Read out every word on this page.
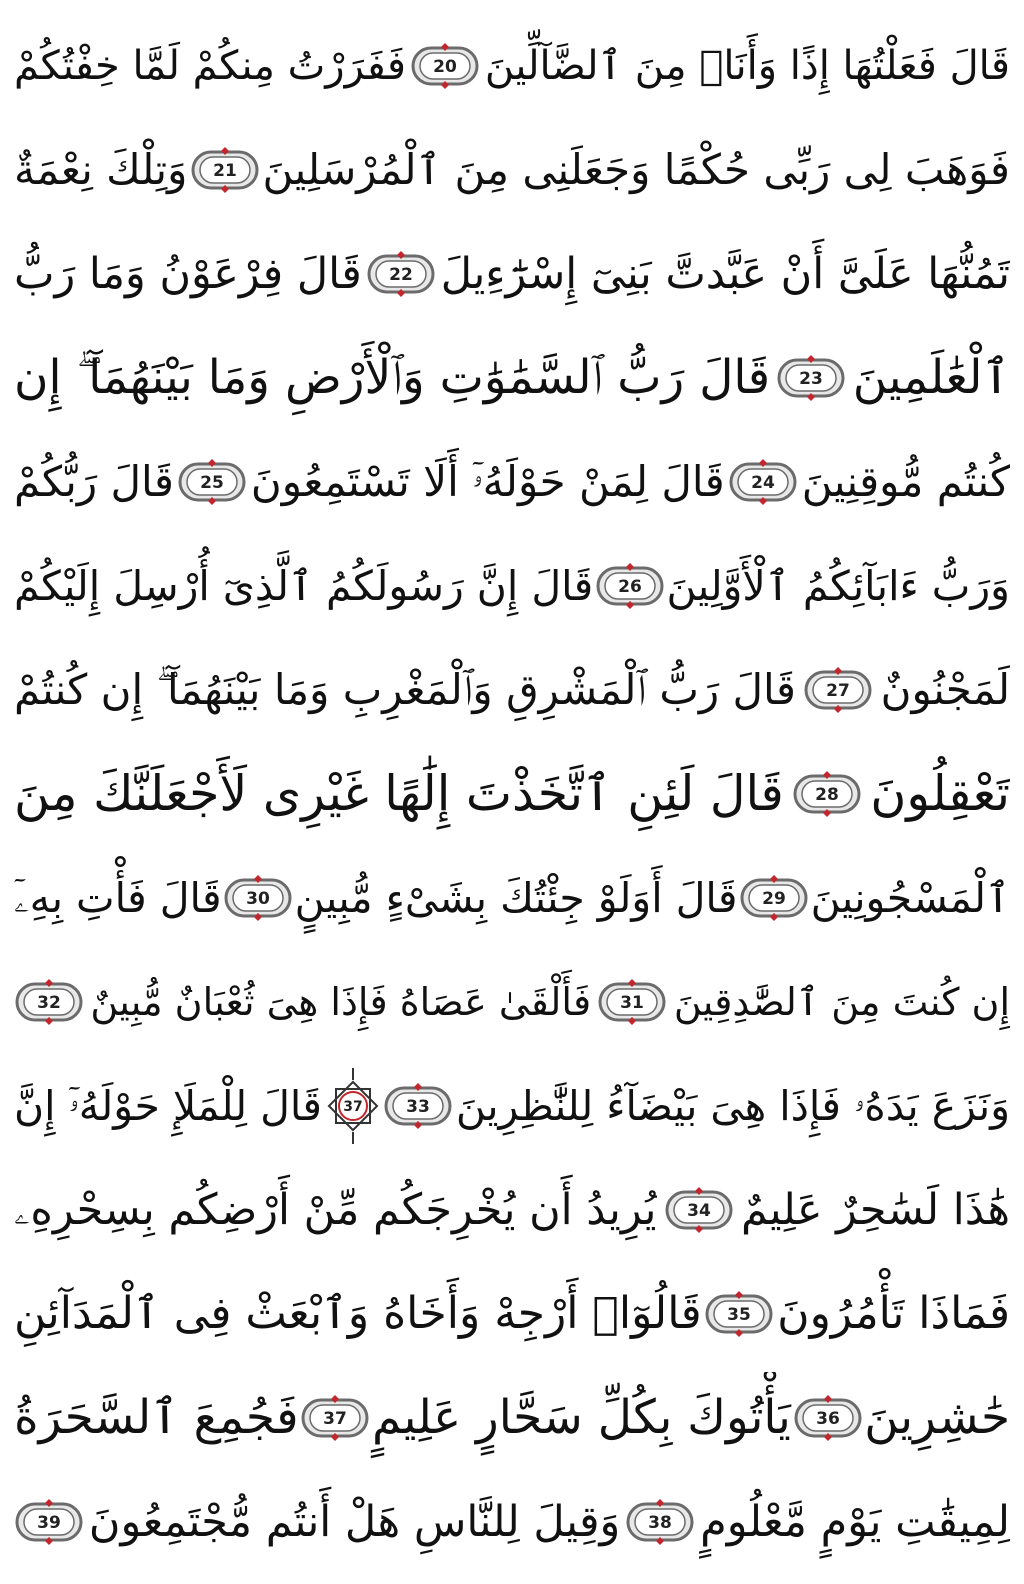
قَالَ فَعَلْتُهَا إِذًا وَأَنَا۠ مِنَ ٱلضَّآلِّينَ
20
فَفَرَرْتُ مِنكُمْ لَمَّا خِفْتُكُمْ
فَوَهَبَ لِى رَبِّى حُكْمًا وَجَعَلَنِى مِنَ ٱلْمُرْسَلِينَ
21
وَتِلْكَ نِعْمَةٌ
تَمُنُّهَا عَلَىَّ أَنْ عَبَّدتَّ بَنِىٓ إِسْرَٰٓءِيلَ
22
قَالَ فِرْعَوْنُ وَمَا رَبُّ
ٱلْعَٰلَمِينَ
23
قَالَ رَبُّ ٱلسَّمَٰوَٰتِ وَٱلْأَرْضِ وَمَا بَيْنَهُمَآ ۖ إِن
كُنتُم مُّوقِنِينَ
24
قَالَ لِمَنْ حَوْلَهُۥٓ أَلَا تَسْتَمِعُونَ
25
قَالَ رَبُّكُمْ
وَرَبُّ ءَابَآئِكُمُ ٱلْأَوَّلِينَ
26
قَالَ إِنَّ رَسُولَكُمُ ٱلَّذِىٓ أُرْسِلَ إِلَيْكُمْ
لَمَجْنُونٌ
27
قَالَ رَبُّ ٱلْمَشْرِقِ وَٱلْمَغْرِبِ وَمَا بَيْنَهُمَآ ۖ إِن كُنتُمْ
تَعْقِلُونَ
28
قَالَ لَئِنِ ٱتَّخَذْتَ إِلَٰهًا غَيْرِى لَأَجْعَلَنَّكَ مِنَ
ٱلْمَسْجُونِينَ
29
قَالَ أَوَلَوْ جِئْتُكَ بِشَىْءٍ مُّبِينٍ
30
قَالَ فَأْتِ بِهِۦٓ
إِن كُنتَ مِنَ ٱلصَّٰدِقِينَ
31
فَأَلْقَىٰ عَصَاهُ فَإِذَا هِىَ ثُعْبَانٌ مُّبِينٌ
32
وَنَزَعَ يَدَهُۥ فَإِذَا هِىَ بَيْضَآءُ لِلنَّٰظِرِينَ
33
37
قَالَ لِلْمَلَإِ حَوْلَهُۥٓ إِنَّ
هَٰذَا لَسَٰحِرٌ عَلِيمٌ
34
يُرِيدُ أَن يُخْرِجَكُم مِّنْ أَرْضِكُم بِسِحْرِهِۦ
فَمَاذَا تَأْمُرُونَ
35
قَالُوٓا۟ أَرْجِهْ وَأَخَاهُ وَٱبْعَثْ فِى ٱلْمَدَآئِنِ
حَٰشِرِينَ
36
يَأْتُوكَ بِكُلِّ سَحَّارٍ عَلِيمٍ
37
فَجُمِعَ ٱلسَّحَرَةُ
لِمِيقَٰتِ يَوْمٍ مَّعْلُومٍ
38
وَقِيلَ لِلنَّاسِ هَلْ أَنتُم مُّجْتَمِعُونَ
39
